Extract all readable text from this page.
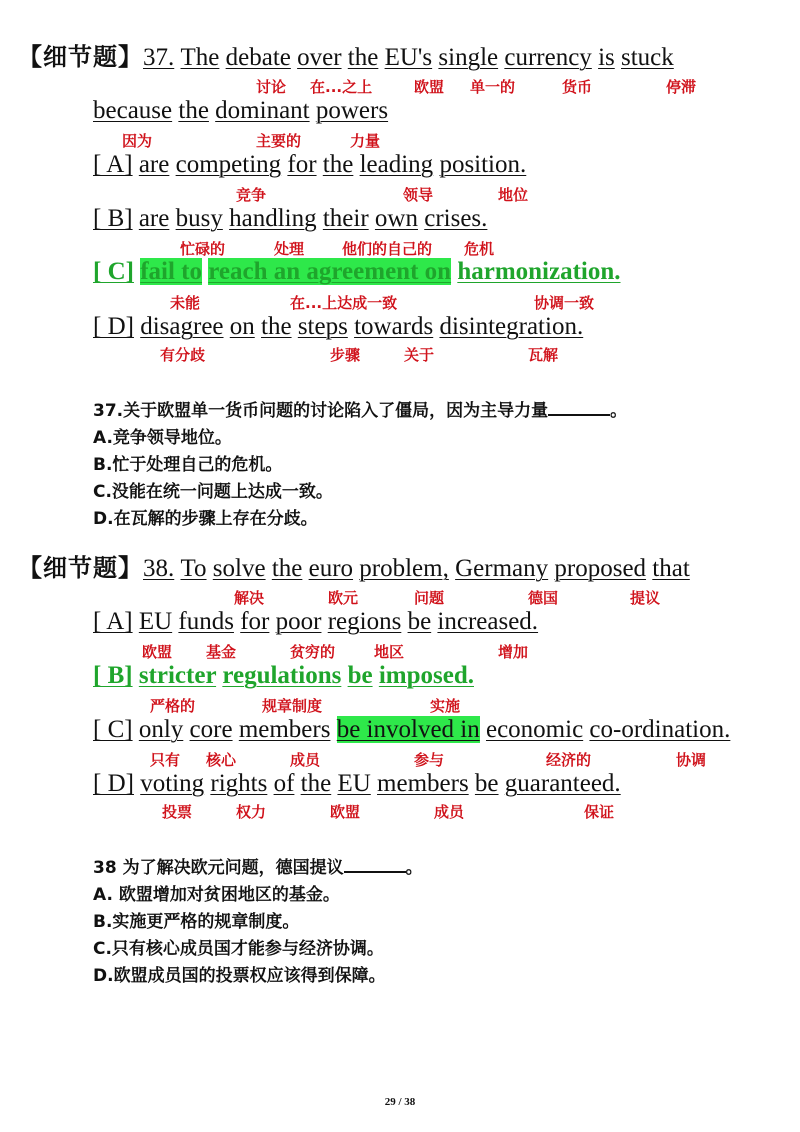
【细节题】37. The debate over the EU's single currency is stuck
讨论 在...之上	欧盟 单一的	货币	停滞
because the dominant powers
因为	主要的	力量
[ A] are competing for the leading position.
竞争	领导	地位
[ B] are busy handling their own crises.
忙碌的	处理	他们的自己的 危机
[ C] fail to reach an agreement on harmonization.
未能	在...上达成一致	协调一致
[ D] disagree on the steps towards disintegration.
有分歧	步骤	关于	瓦解
37.关于欧盟单一货币问题的讨论陷入了僵局，因为主导力量	。
A.竞争领导地位。
B.忙于处理自己的危机。
C.没能在统一问题上达成一致。
D.在瓦解的步骤上存在分歧。
【细节题】38. To solve the euro problem, Germany proposed that
解决	欧元	问题	德国	提议
[ A] EU funds for poor regions be increased.
欧盟 基金	贫穷的	地区	增加
[ B] stricter regulations be imposed.
严格的	规章制度	实施
[ C] only core members be involved in economic co-ordination.
只有 核心	成员	参与	经济的	协调
[ D] voting rights of the EU members be guaranteed.
投票	权力	欧盟	成员	保证
38 为了解决欧元问题，德国提议	。
A. 欧盟增加对贫困地区的基金。
B.实施更严格的规章制度。
C.只有核心成员国才能参与经济协调。
D.欧盟成员国的投票权应该得到保障。
29 / 38
